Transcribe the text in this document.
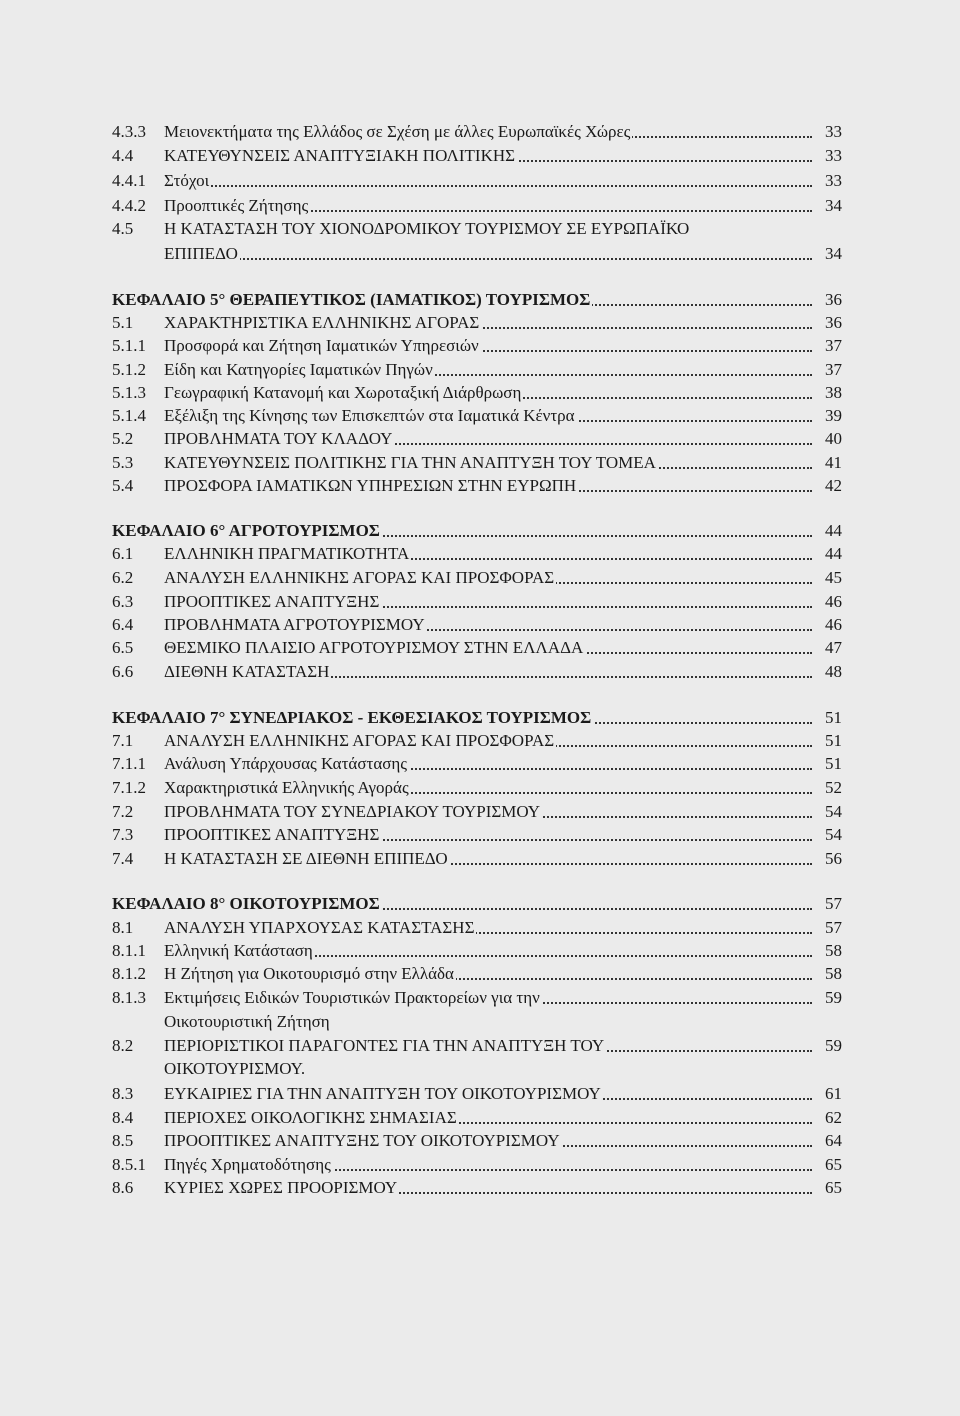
4.3.3	Μειονεκτήματα της Ελλάδος σε Σχέση με άλλες Ευρωπαϊκές Χώρες	33
4.4	ΚΑΤΕΥΘΥΝΣΕΙΣ ΑΝΑΠΤΥΞΙΑΚΗ ΠΟΛΙΤΙΚΗΣ	33
4.4.1	Στόχοι	33
4.4.2	Προοπτικές Ζήτησης	34
4.5	Η ΚΑΤΑΣΤΑΣΗ ΤΟΥ ΧΙΟΝΟΔΡΟΜΙΚΟΥ ΤΟΥΡΙΣΜΟΥ ΣΕ ΕΥΡΩΠΑΪΚΟ
ΕΠΙΠΕΔΟ	34
ΚΕΦΑΛΑΙΟ 5° ΘΕΡΑΠΕΥΤΙΚΟΣ (ΙΑΜΑΤΙΚΟΣ) ΤΟΥΡΙΣΜΟΣ	36
5.1	ΧΑΡΑΚΤΗΡΙΣΤΙΚΑ ΕΛΛΗΝΙΚΗΣ ΑΓΟΡΑΣ	36
5.1.1	Προσφορά και Ζήτηση Ιαματικών Υπηρεσιών	37
5.1.2	Είδη και Κατηγορίες Ιαματικών Πηγών	37
5.1.3	Γεωγραφική Κατανομή και Χωροταξική Διάρθρωση	38
5.1.4	Εξέλιξη της Κίνησης των Επισκεπτών στα Ιαματικά Κέντρα	39
5.2	ΠΡΟΒΛΗΜΑΤΑ ΤΟΥ ΚΛΑΔΟΥ	40
5.3	ΚΑΤΕΥΘΥΝΣΕΙΣ ΠΟΛΙΤΙΚΗΣ ΓΙΑ ΤΗΝ ΑΝΑΠΤΥΞΗ ΤΟΥ ΤΟΜΕΑ	41
5.4	ΠΡΟΣΦΟΡΑ ΙΑΜΑΤΙΚΩΝ ΥΠΗΡΕΣΙΩΝ ΣΤΗΝ ΕΥΡΩΠΗ	42
ΚΕΦΑΛΑΙΟ 6° ΑΓΡΟΤΟΥΡΙΣΜΟΣ	44
6.1	ΕΛΛΗΝΙΚΗ ΠΡΑΓΜΑΤΙΚΟΤΗΤΑ	44
6.2	ΑΝΑΛΥΣΗ ΕΛΛΗΝΙΚΗΣ ΑΓΟΡΑΣ ΚΑΙ ΠΡΟΣΦΟΡΑΣ	45
6.3	ΠΡΟΟΠΤΙΚΕΣ ΑΝΑΠΤΥΞΗΣ	46
6.4	ΠΡΟΒΛΗΜΑΤΑ ΑΓΡΟΤΟΥΡΙΣΜΟΥ	46
6.5	ΘΕΣΜΙΚΟ ΠΛΑΙΣΙΟ ΑΓΡΟΤΟΥΡΙΣΜΟΥ ΣΤΗΝ ΕΛΛΑΔΑ	47
6.6	ΔΙΕΘΝΗ ΚΑΤΑΣΤΑΣΗ	48
ΚΕΦΑΛΑΙΟ 7° ΣΥΝΕΔΡΙΑΚΟΣ - ΕΚΘΕΣΙΑΚΟΣ ΤΟΥΡΙΣΜΟΣ	51
7.1	ΑΝΑΛΥΣΗ ΕΛΛΗΝΙΚΗΣ ΑΓΟΡΑΣ ΚΑΙ ΠΡΟΣΦΟΡΑΣ	51
7.1.1	Ανάλυση Υπάρχουσας Κατάστασης	51
7.1.2	Χαρακτηριστικά Ελληνικής Αγοράς	52
7.2	ΠΡΟΒΛΗΜΑΤΑ ΤΟΥ ΣΥΝΕΔΡΙΑΚΟΥ ΤΟΥΡΙΣΜΟΥ	54
7.3	ΠΡΟΟΠΤΙΚΕΣ ΑΝΑΠΤΥΞΗΣ	54
7.4	Η ΚΑΤΑΣΤΑΣΗ ΣΕ ΔΙΕΘΝΗ ΕΠΙΠΕΔΟ	56
ΚΕΦΑΛΑΙΟ 8° ΟΙΚΟΤΟΥΡΙΣΜΟΣ	57
8.1	ΑΝΑΛΥΣΗ ΥΠΑΡΧΟΥΣΑΣ ΚΑΤΑΣΤΑΣΗΣ	57
8.1.1	Ελληνική Κατάσταση	58
8.1.2	Η Ζήτηση για Οικοτουρισμό στην Ελλάδα	58
8.1.3	Εκτιμήσεις Ειδικών Τουριστικών Πρακτορείων για την	59
Οικοτουριστική Ζήτηση
8.2	ΠΕΡΙΟΡΙΣΤΙΚΟΙ ΠΑΡΑΓΟΝΤΕΣ ΓΙΑ ΤΗΝ ΑΝΑΠΤΥΞΗ ΤΟΥ	59
ΟΙΚΟΤΟΥΡΙΣΜΟΥ.
8.3	ΕΥΚΑΙΡΙΕΣ ΓΙΑ ΤΗΝ ΑΝΑΠΤΥΞΗ ΤΟΥ ΟΙΚΟΤΟΥΡΙΣΜΟΥ	61
8.4	ΠΕΡΙΟΧΕΣ ΟΙΚΟΛΟΓΙΚΗΣ ΣΗΜΑΣΙΑΣ	62
8.5	ΠΡΟΟΠΤΙΚΕΣ ΑΝΑΠΤΥΞΗΣ ΤΟΥ ΟΙΚΟΤΟΥΡΙΣΜΟΥ	64
8.5.1	Πηγές Χρηματοδότησης	65
8.6	ΚΥΡΙΕΣ ΧΩΡΕΣ ΠΡΟΟΡΙΣΜΟΥ	65
